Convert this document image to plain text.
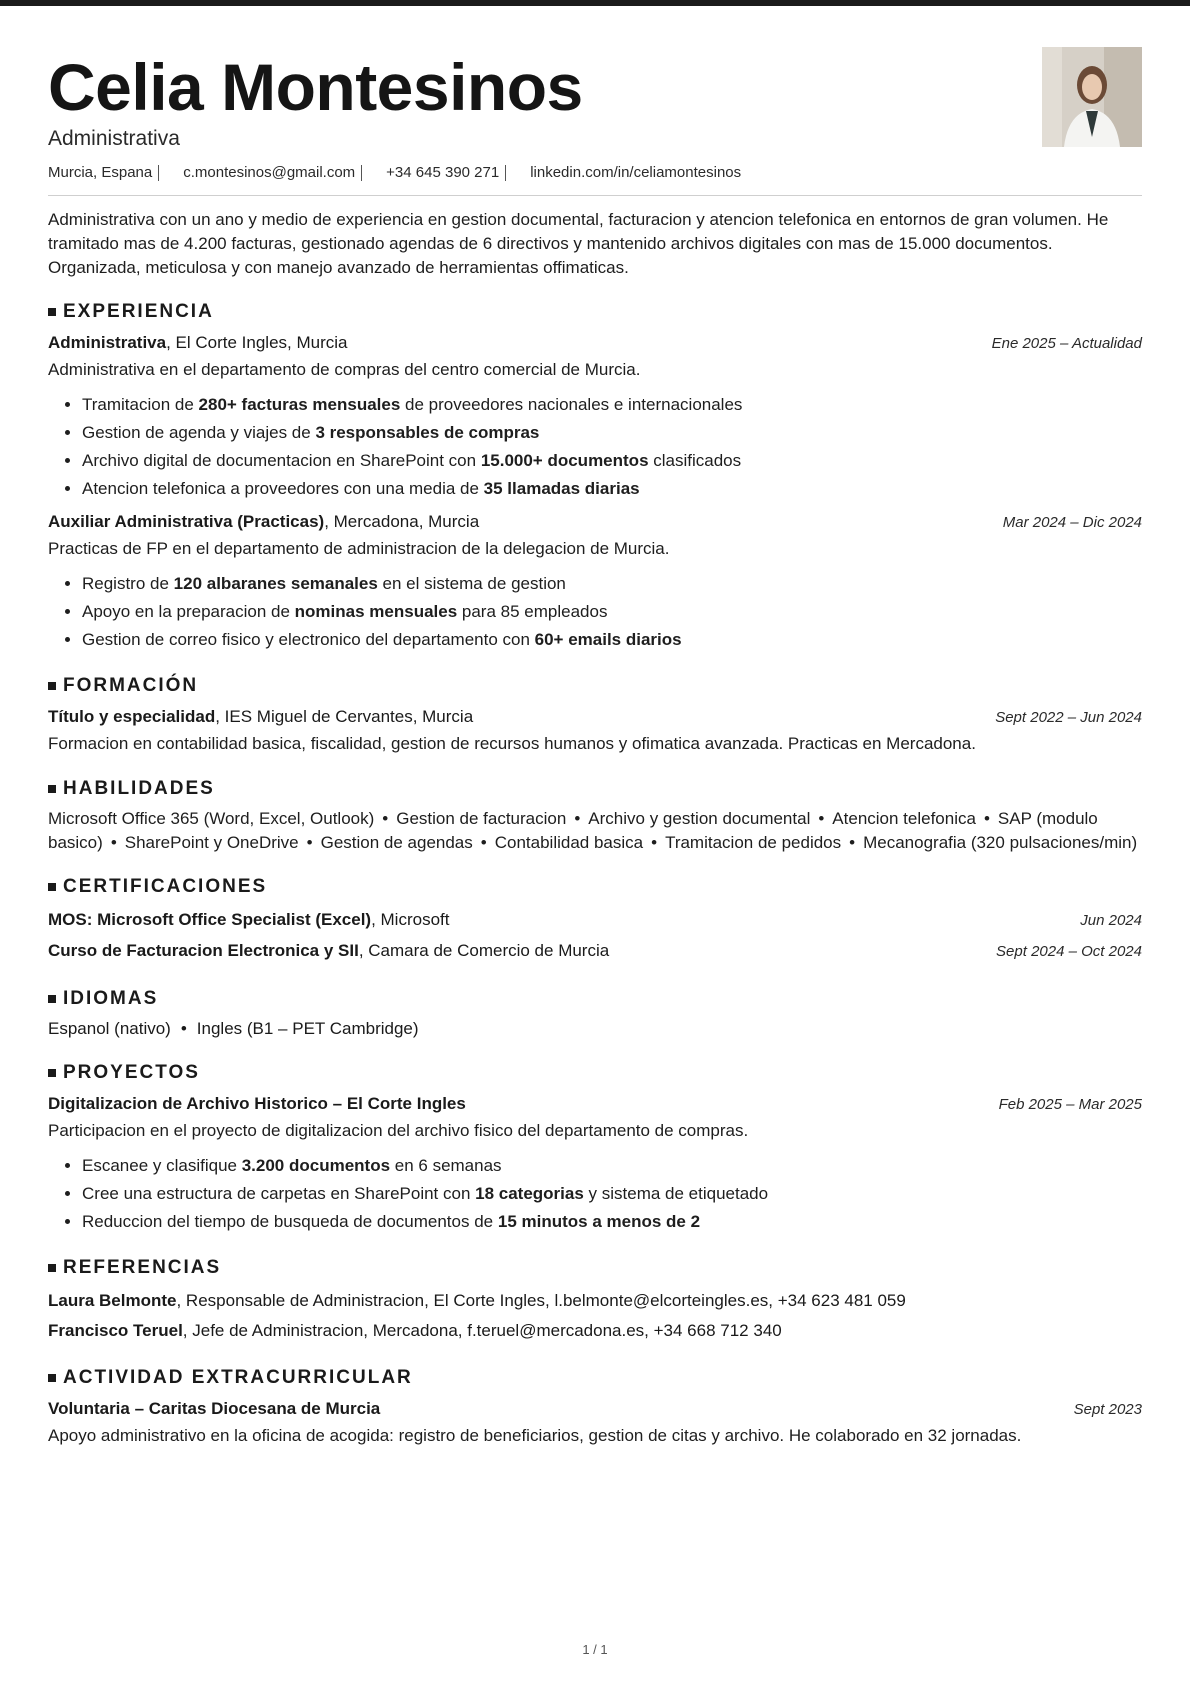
Celia Montesinos
Administrativa
Murcia, Espana c.montesinos@gmail.com +34 645 390 271 linkedin.com/in/celiamontesinos
Administrativa con un ano y medio de experiencia en gestion documental, facturacion y atencion telefonica en entornos de gran volumen. He tramitado mas de 4.200 facturas, gestionado agendas de 6 directivos y mantenido archivos digitales con mas de 15.000 documentos. Organizada, meticulosa y con manejo avanzado de herramientas offimaticas.
EXPERIENCIA
Administrativa, El Corte Ingles, Murcia	Ene 2025 – Actualidad
Administrativa en el departamento de compras del centro comercial de Murcia.
• Tramitacion de 280+ facturas mensuales de proveedores nacionales e internacionales
• Gestion de agenda y viajes de 3 responsables de compras
• Archivo digital de documentacion en SharePoint con 15.000+ documentos clasificados
• Atencion telefonica a proveedores con una media de 35 llamadas diarias
Auxiliar Administrativa (Practicas), Mercadona, Murcia	Mar 2024 – Dic 2024
Practicas de FP en el departamento de administracion de la delegacion de Murcia.
• Registro de 120 albaranes semanales en el sistema de gestion
• Apoyo en la preparacion de nominas mensuales para 85 empleados
• Gestion de correo fisico y electronico del departamento con 60+ emails diarios
FORMACIÓN
Título y especialidad, IES Miguel de Cervantes, Murcia	Sept 2022 – Jun 2024
Formacion en contabilidad basica, fiscalidad, gestion de recursos humanos y ofimatica avanzada. Practicas en Mercadona.
HABILIDADES
Microsoft Office 365 (Word, Excel, Outlook) • Gestion de facturacion • Archivo y gestion documental • Atencion telefonica • SAP (modulo basico) • SharePoint y OneDrive • Gestion de agendas • Contabilidad basica • Tramitacion de pedidos • Mecanografia (320 pulsaciones/min)
CERTIFICACIONES
MOS: Microsoft Office Specialist (Excel), Microsoft	Jun 2024
Curso de Facturacion Electronica y SII, Camara de Comercio de Murcia	Sept 2024 – Oct 2024
IDIOMAS
Espanol (nativo) • Ingles (B1 – PET Cambridge)
PROYECTOS
Digitalizacion de Archivo Historico – El Corte Ingles	Feb 2025 – Mar 2025
Participacion en el proyecto de digitalizacion del archivo fisico del departamento de compras.
• Escanee y clasifique 3.200 documentos en 6 semanas
• Cree una estructura de carpetas en SharePoint con 18 categorias y sistema de etiquetado
• Reduccion del tiempo de busqueda de documentos de 15 minutos a menos de 2
REFERENCIAS
Laura Belmonte, Responsable de Administracion, El Corte Ingles, l.belmonte@elcorteingles.es, +34 623 481 059
Francisco Teruel, Jefe de Administracion, Mercadona, f.teruel@mercadona.es, +34 668 712 340
ACTIVIDAD EXTRACURRICULAR
Voluntaria – Caritas Diocesana de Murcia	Sept 2023
Apoyo administrativo en la oficina de acogida: registro de beneficiarios, gestion de citas y archivo. He colaborado en 32 jornadas.
1 / 1
